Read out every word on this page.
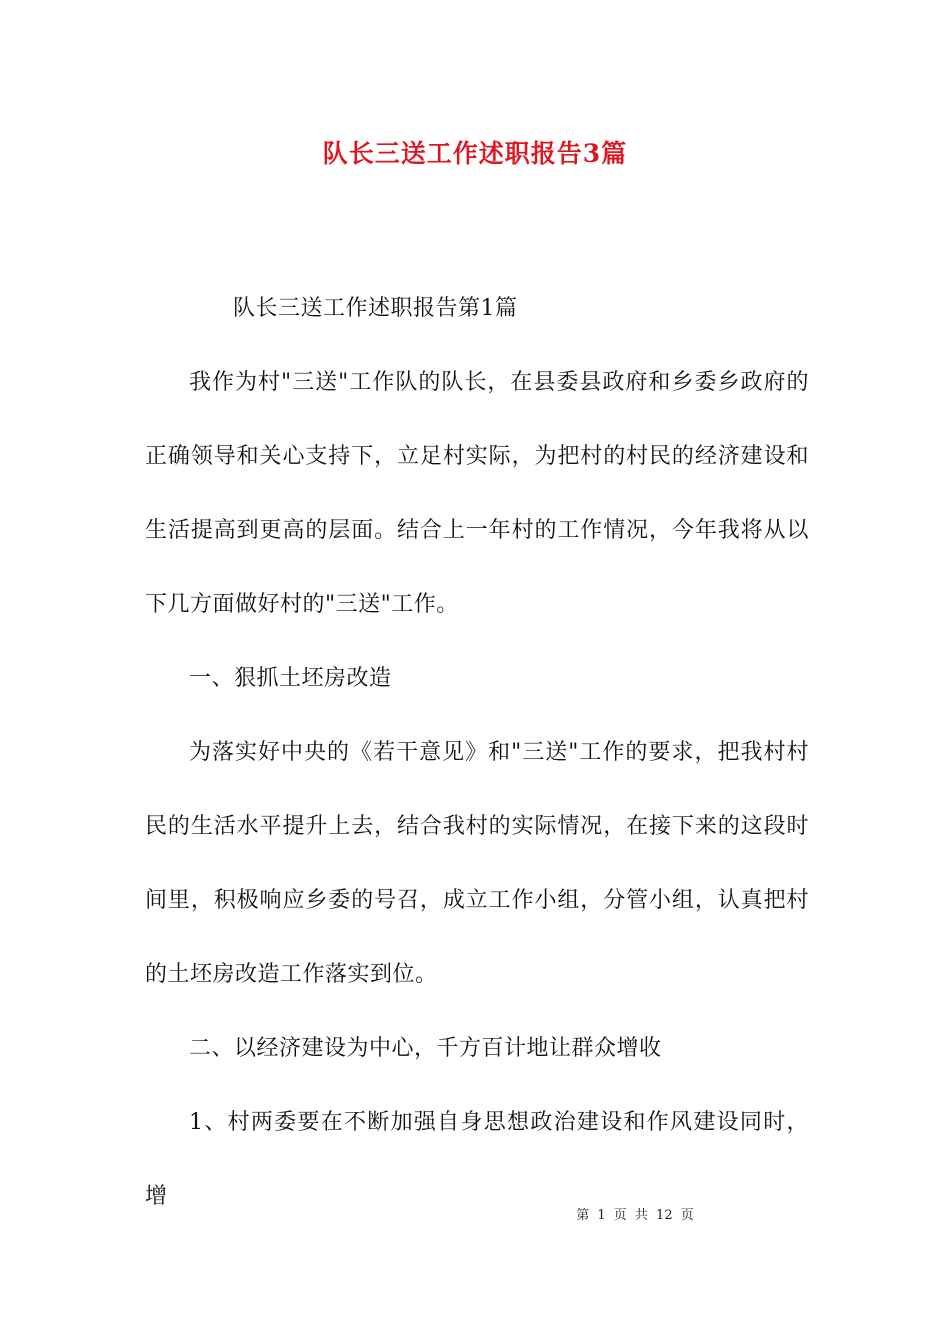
队长三送工作述职报告3篇

队长三送工作述职报告第1篇

我作为村"三送"工作队的队长，在县委县政府和乡委乡政府的正确领导和关心支持下，立足村实际，为把村的村民的经济建设和生活提高到更高的层面。结合上一年村的工作情况，今年我将从以下几方面做好村的"三送"工作。

一、狠抓土坯房改造

为落实好中央的《若干意见》和"三送"工作的要求，把我村村民的生活水平提升上去，结合我村的实际情况，在接下来的这段时间里，积极响应乡委的号召，成立工作小组，分管小组，认真把村的土坯房改造工作落实到位。

二、以经济建设为中心，千方百计地让群众增收

1、村两委要在不断加强自身思想政治建设和作风建设同时，增

第 1 页 共 12 页
